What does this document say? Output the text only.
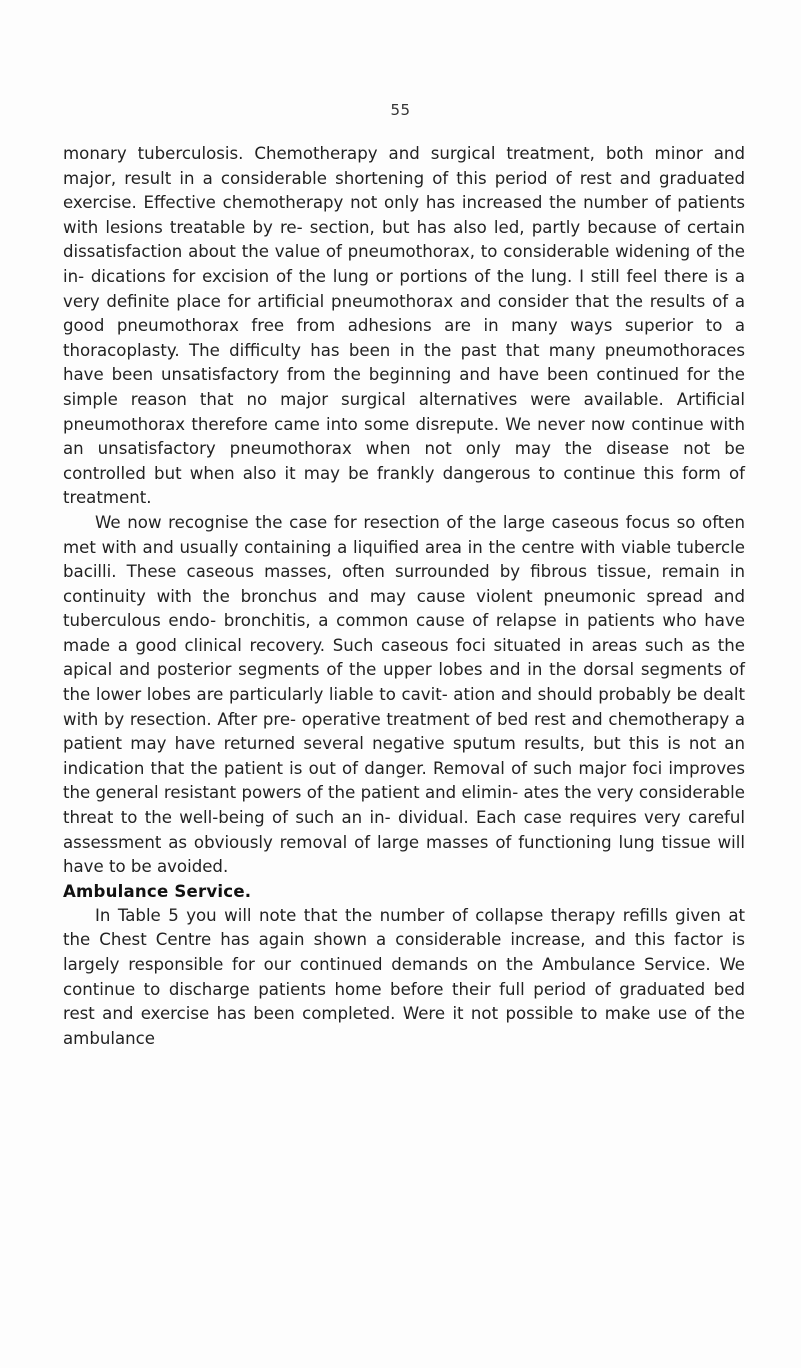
55

monary tuberculosis. Chemotherapy and surgical treatment, both minor and major, result in a considerable shortening of this period of rest and graduated exercise. Effective chemotherapy not only has increased the number of patients with lesions treatable by re- section, but has also led, partly because of certain dissatisfaction about the value of pneumothorax, to considerable widening of the in- dications for excision of the lung or portions of the lung. I still feel there is a very definite place for artificial pneumothorax and consider that the results of a good pneumothorax free from adhesions are in many ways superior to a thoracoplasty. The difficulty has been in the past that many pneumothoraces have been unsatisfactory from the beginning and have been continued for the simple reason that no major surgical alternatives were available. Artificial pneumothorax therefore came into some disrepute. We never now continue with an unsatisfactory pneumothorax when not only may the disease not be controlled but when also it may be frankly dangerous to continue this form of treatment.

We now recognise the case for resection of the large caseous focus so often met with and usually containing a liquified area in the centre with viable tubercle bacilli. These caseous masses, often surrounded by fibrous tissue, remain in continuity with the bronchus and may cause violent pneumonic spread and tuberculous endo- bronchitis, a common cause of relapse in patients who have made a good clinical recovery. Such caseous foci situated in areas such as the apical and posterior segments of the upper lobes and in the dorsal segments of the lower lobes are particularly liable to cavit- ation and should probably be dealt with by resection. After pre- operative treatment of bed rest and chemotherapy a patient may have returned several negative sputum results, but this is not an indication that the patient is out of danger. Removal of such major foci improves the general resistant powers of the patient and elimin- ates the very considerable threat to the well-being of such an in- dividual. Each case requires very careful assessment as obviously removal of large masses of functioning lung tissue will have to be avoided.

Ambulance Service.

In Table 5 you will note that the number of collapse therapy refills given at the Chest Centre has again shown a considerable increase, and this factor is largely responsible for our continued demands on the Ambulance Service. We continue to discharge patients home before their full period of graduated bed rest and exercise has been completed. Were it not possible to make use of the ambulance
